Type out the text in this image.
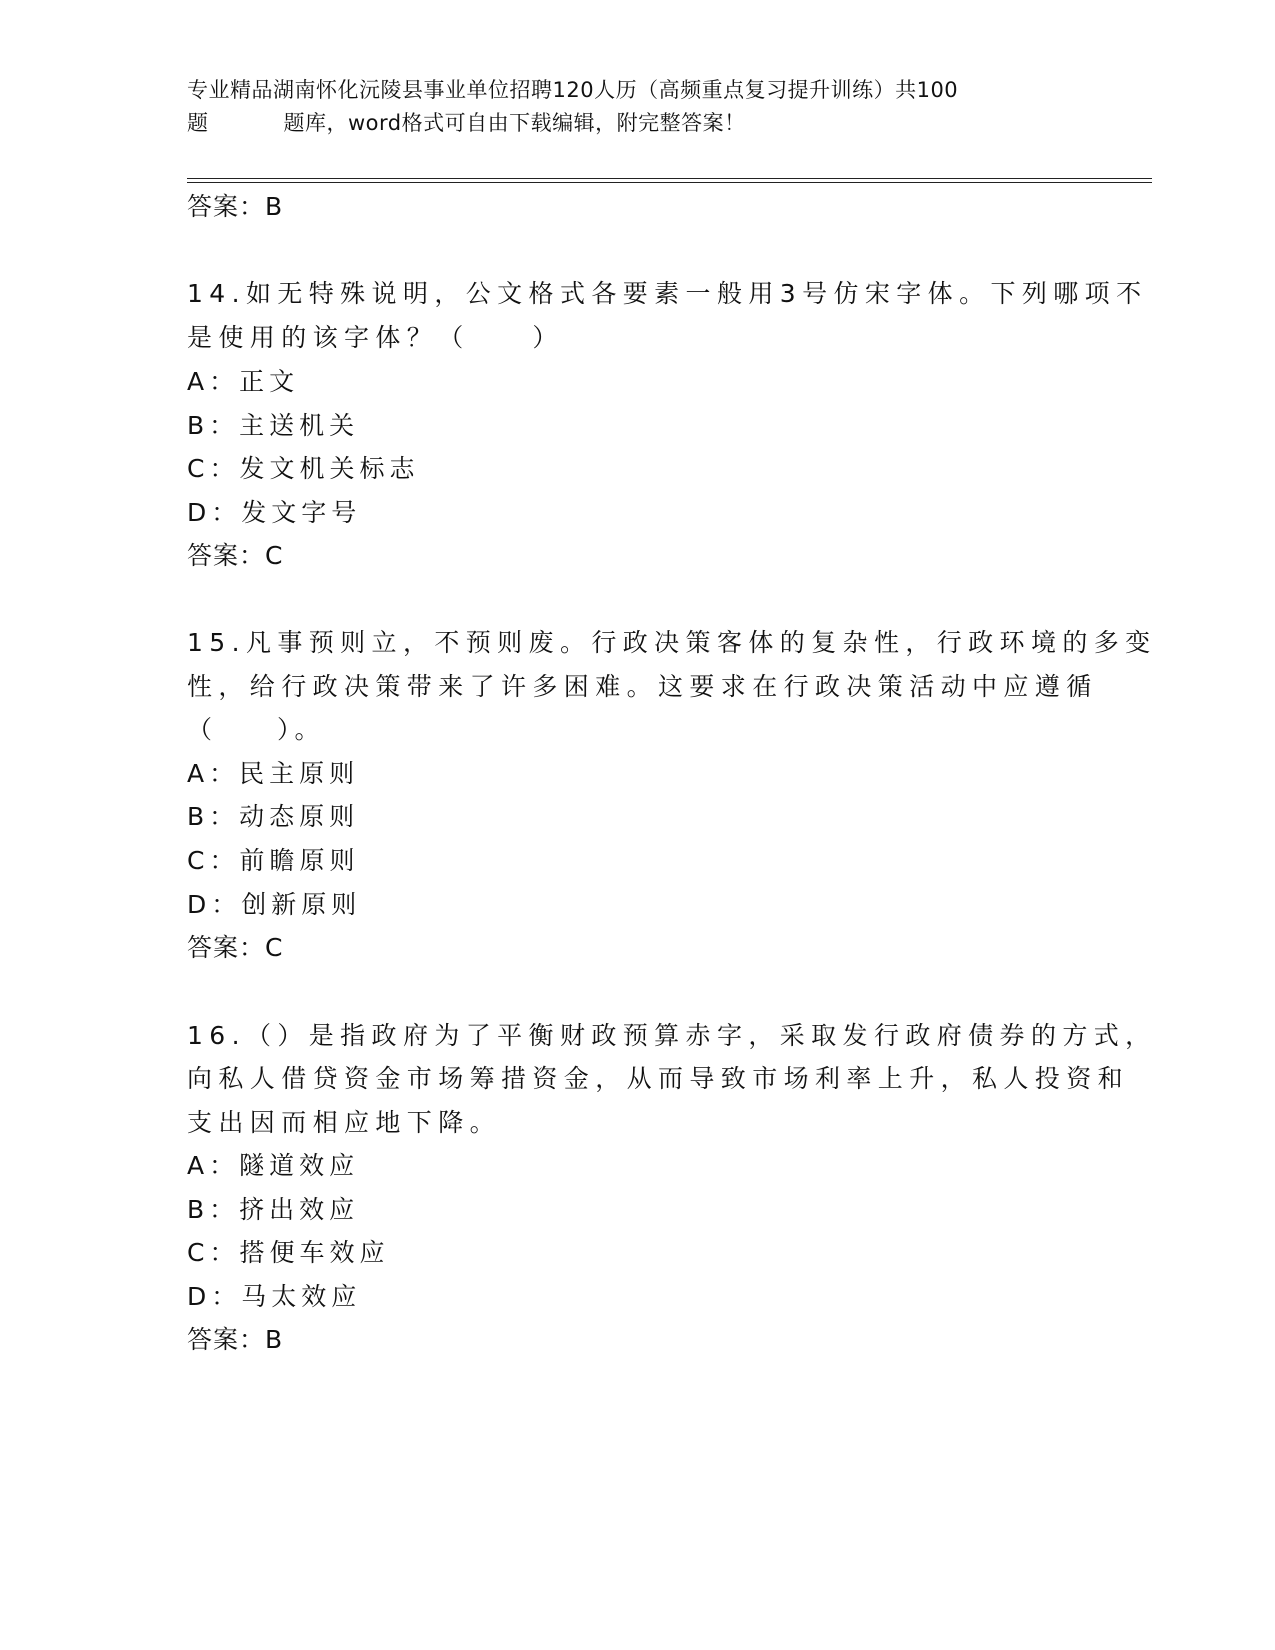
专业精品湖南怀化沅陵县事业单位招聘120人历（高频重点复习提升训练）共100
题	题库，word格式可自由下载编辑，附完整答案！
答案：B
14.如无特殊说明，公文格式各要素一般用3号仿宋字体。下列哪项不
是使用的该字体？（　　）
A：正文
B：主送机关
C：发文机关标志
D：发文字号
答案：C
15.凡事预则立，不预则废。行政决策客体的复杂性，行政环境的多变
性，给行政决策带来了许多困难。这要求在行政决策活动中应遵循
（　　）。
A：民主原则
B：动态原则
C：前瞻原则
D：创新原则
答案：C
16.（）是指政府为了平衡财政预算赤字，采取发行政府债券的方式，
向私人借贷资金市场筹措资金，从而导致市场利率上升，私人投资和
支出因而相应地下降。
A：隧道效应
B：挤出效应
C：搭便车效应
D：马太效应
答案：B
